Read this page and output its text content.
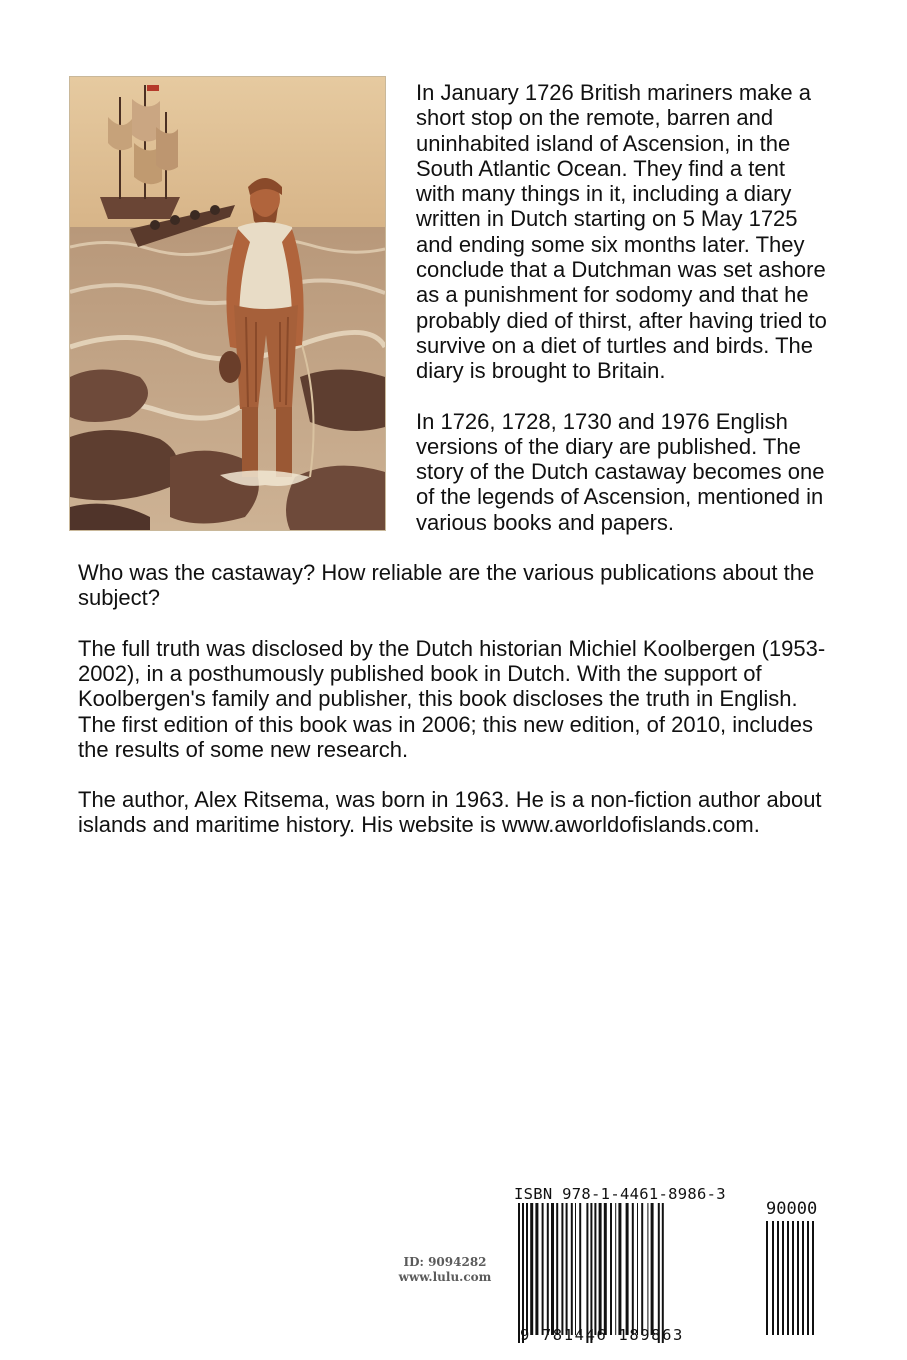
In January 1726 British mariners make a short stop on the remote, barren and uninhabited island of Ascension, in the South Atlantic Ocean. They find a tent with many things in it, including a diary written in Dutch starting on 5 May 1725 and ending some six months later. They conclude that a Dutchman was set ashore as a punishment for sodomy and that he probably died of thirst, after having tried to survive on a diet of turtles and birds. The diary is brought to Britain.

In 1726, 1728, 1730 and 1976 English versions of the diary are published. The story of the Dutch castaway becomes one of the legends of Ascension, mentioned in various books and papers.

Who was the castaway? How reliable are the various publications about the subject?

The full truth was disclosed by the Dutch historian Michiel Koolbergen (1953-2002), in a posthumously published book in Dutch. With the support of Koolbergen's family and publisher, this book discloses the truth in English. The first edition of this book was in 2006; this new edition, of 2010, includes the results of some new research.

The author, Alex Ritsema, was born in 1963. He is a non-fiction author about islands and maritime history. His website is www.aworldofislands.com.

ID: 9094282
www.lulu.com
ISBN 978-1-4461-8986-3
90000
9 781446 189863
